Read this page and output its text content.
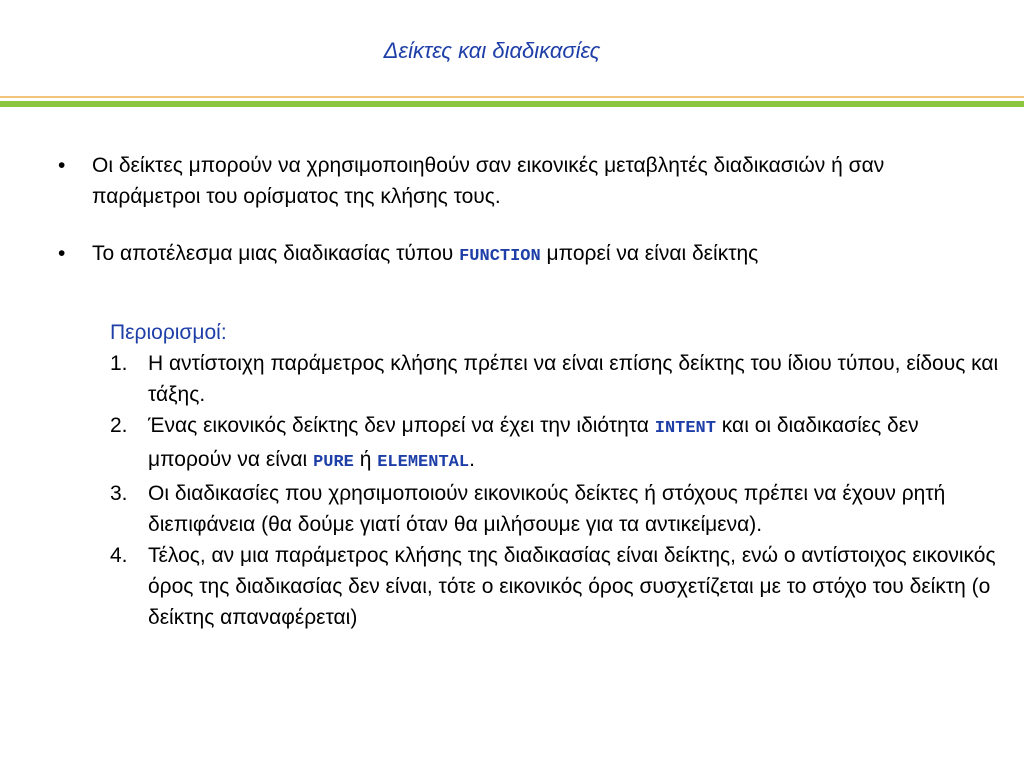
Δείκτες και διαδικασίες
• Οι δείκτες μπορούν να χρησιμοποιηθούν σαν εικονικές μεταβλητές διαδικασιών ή σαν παράμετροι του ορίσματος της κλήσης τους.
• Το αποτέλεσμα μιας διαδικασίας τύπου FUNCTION μπορεί να είναι δείκτης
Περιορισμοί:
1. Η αντίστοιχη παράμετρος κλήσης πρέπει να είναι επίσης δείκτης του ίδιου τύπου, είδους και τάξης.
2. Ένας εικονικός δείκτης δεν μπορεί να έχει την ιδιότητα INTENT και οι διαδικασίες δεν μπορούν να είναι PURE ή ELEMENTAL.
3. Οι διαδικασίες που χρησιμοποιούν εικονικούς δείκτες ή στόχους πρέπει να έχουν ρητή διεπιφάνεια (θα δούμε γιατί όταν θα μιλήσουμε για τα αντικείμενα).
4. Τέλος, αν μια παράμετρος κλήσης της διαδικασίας είναι δείκτης, ενώ ο αντίστοιχος εικονικός όρος της διαδικασίας δεν είναι, τότε ο εικονικός όρος συσχετίζεται με το στόχο του δείκτη (ο δείκτης απαναφέρεται)
